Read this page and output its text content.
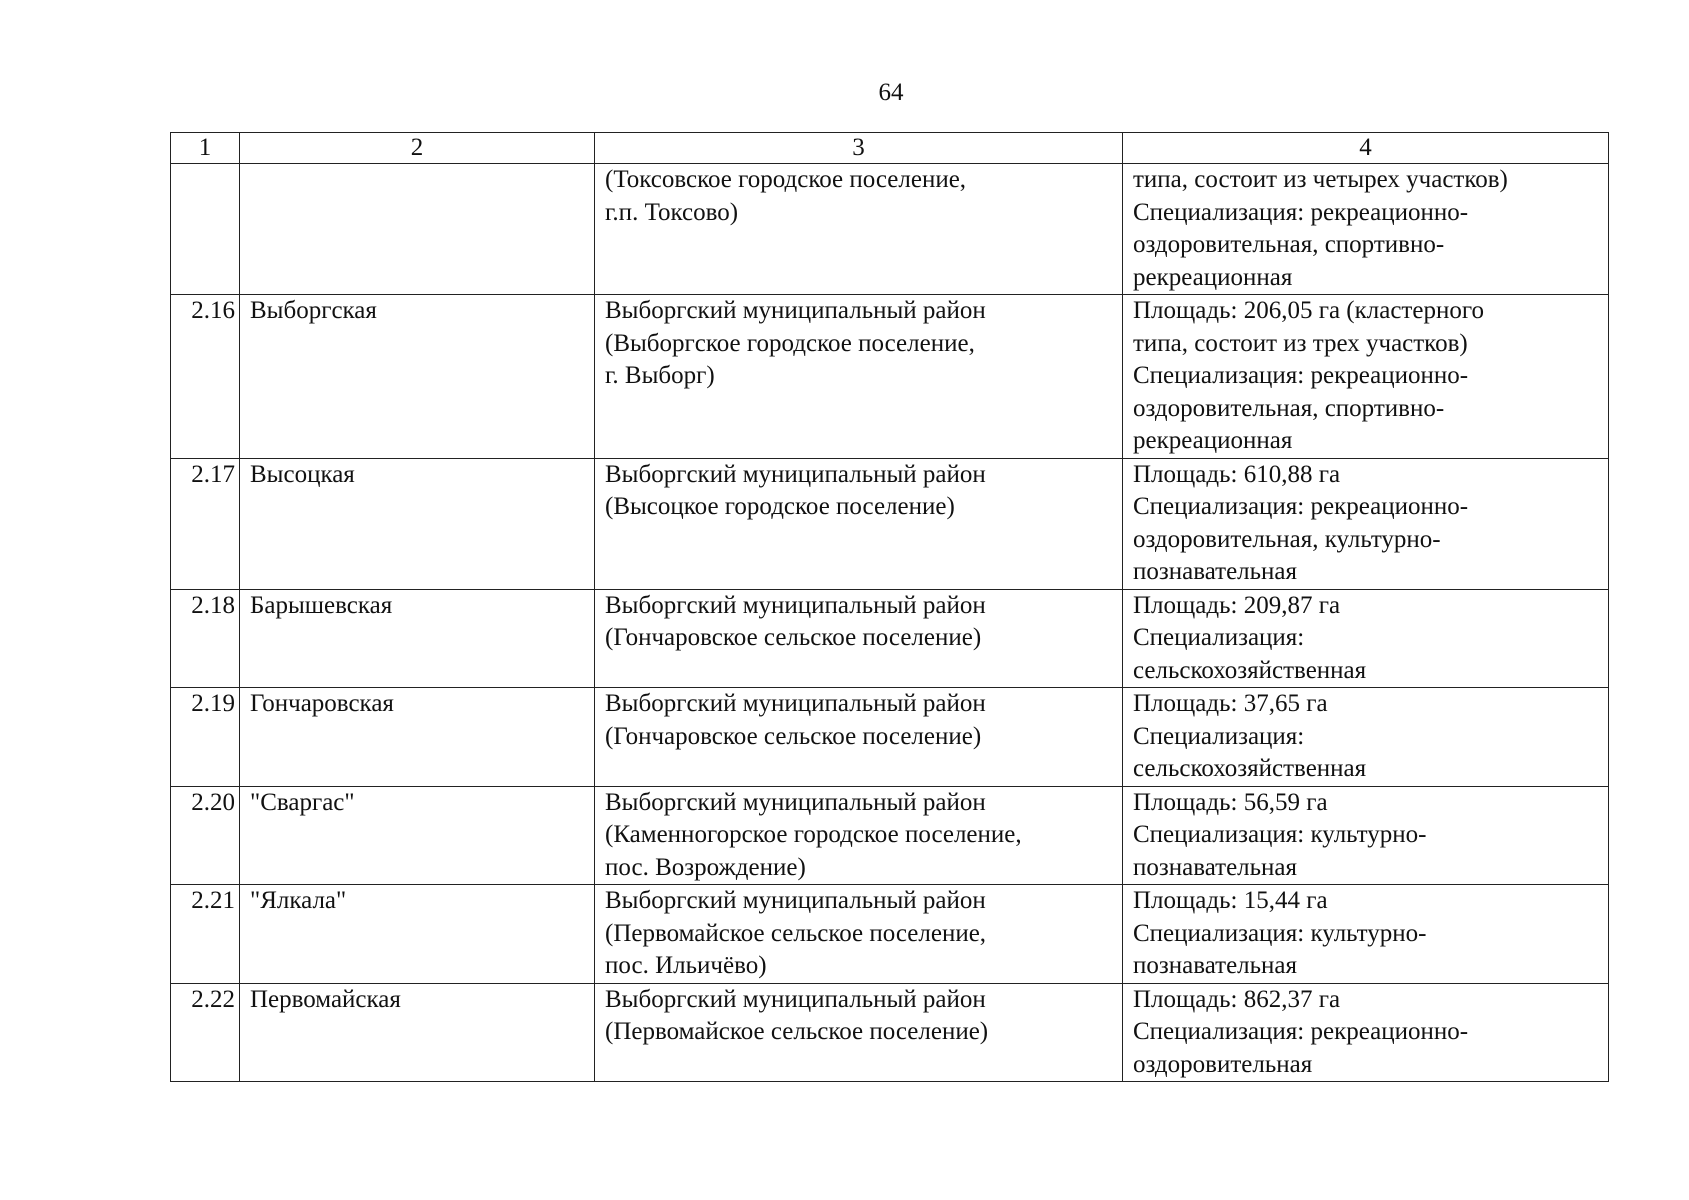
64
1	2	3	4

		(Токсовское городское поселение,
г.п. Токсово)	типа, состоит из четырех участков)
Специализация: рекреационно-
оздоровительная, спортивно-
рекреационная

2.16	Выборгская	Выборгский муниципальный район
(Выборгское городское поселение,
г. Выборг)	Площадь: 206,05 га (кластерного
типа, состоит из трех участков)
Специализация: рекреационно-
оздоровительная, спортивно-
рекреационная

2.17	Высоцкая	Выборгский муниципальный район
(Высоцкое городское поселение)	Площадь: 610,88 га
Специализация: рекреационно-
оздоровительная, культурно-
познавательная

2.18	Барышевская	Выборгский муниципальный район
(Гончаровское сельское поселение)	Площадь: 209,87 га
Специализация:
сельскохозяйственная

2.19	Гончаровская	Выборгский муниципальный район
(Гончаровское сельское поселение)	Площадь: 37,65 га
Специализация:
сельскохозяйственная

2.20	"Сваргас"	Выборгский муниципальный район
(Каменногорское городское поселение,
пос. Возрождение)	Площадь: 56,59 га
Специализация: культурно-
познавательная

2.21	"Ялкала"	Выборгский муниципальный район
(Первомайское сельское поселение,
пос. Ильичёво)	Площадь: 15,44 га
Специализация: культурно-
познавательная

2.22	Первомайская	Выборгский муниципальный район
(Первомайское сельское поселение)	Площадь: 862,37 га
Специализация: рекреационно-
оздоровительная
